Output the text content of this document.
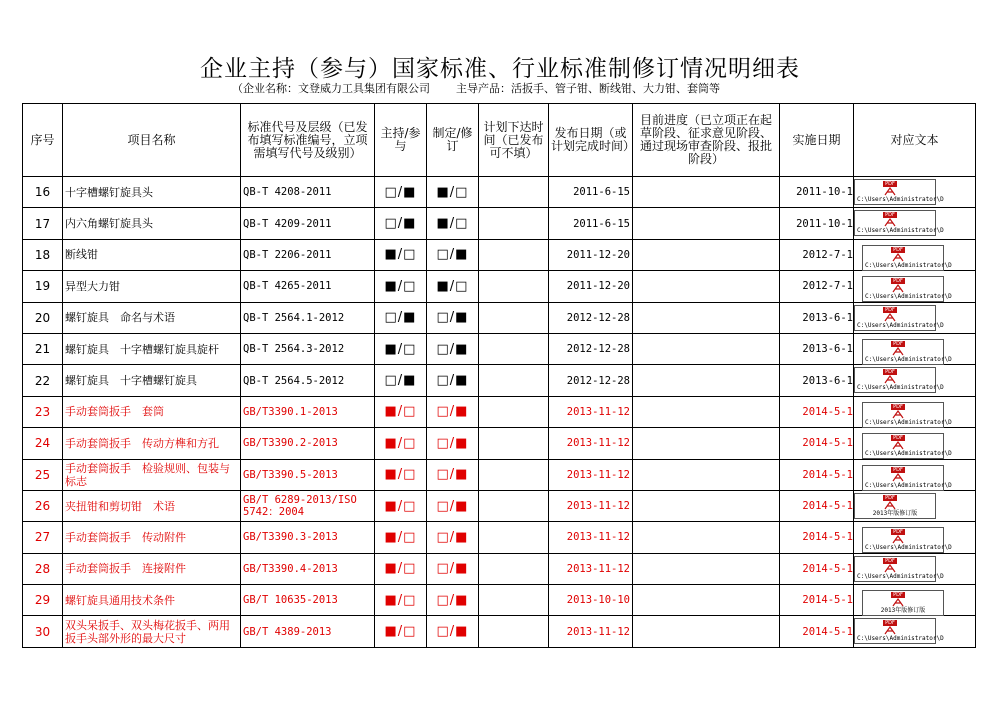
企业主持（参与）国家标准、行业标准制修订情况明细表
（企业名称：文登威力工具集团有限公司 主导产品：活扳手、管子钳、断线钳、大力钳、套筒等
序号	项目名称	标准代号及层级（已发布填写标准编号，立项需填写代号及级别）	主持/参与	制定/修订	计划下达时间（已发布可不填）	发布日期（或计划完成时间）	目前进度（已立项正在起草阶段、征求意见阶段、通过现场审查阶段、报批阶段）	实施日期	对应文本
16	十字槽螺钉旋具头	QB-T 4208-2011	□/■	■/□		2011-6-15		2011-10-1	PDF
C:\Users\Administrator\D

17	内六角螺钉旋具头	QB-T 4209-2011	□/■	■/□		2011-6-15		2011-10-1	PDF
C:\Users\Administrator\D

18	断线钳	QB-T 2206-2011	■/□	□/■		2011-12-20		2012-7-1	PDF
C:\Users\Administrator\D

19	异型大力钳	QB-T 4265-2011	■/□	■/□		2011-12-20		2012-7-1	PDF
C:\Users\Administrator\D

20	螺钉旋具　命名与术语	QB-T 2564.1-2012	□/■	□/■		2012-12-28		2013-6-1	PDF
C:\Users\Administrator\D

21	螺钉旋具　十字槽螺钉旋具旋杆	QB-T 2564.3-2012	■/□	□/■		2012-12-28		2013-6-1	PDF
C:\Users\Administrator\D

22	螺钉旋具　十字槽螺钉旋具	QB-T 2564.5-2012	□/■	□/■		2012-12-28		2013-6-1	PDF
C:\Users\Administrator\D

23	手动套筒扳手　套筒	GB/T3390.1-2013	■/□	□/■		2013-11-12		2014-5-1	PDF
C:\Users\Administrator\D

24	手动套筒扳手　传动方榫和方孔	GB/T3390.2-2013	■/□	□/■		2013-11-12		2014-5-1	PDF
C:\Users\Administrator\D

25	手动套筒扳手　检验规则、包装与标志	GB/T3390.5-2013	■/□	□/■		2013-11-12		2014-5-1	PDF
C:\Users\Administrator\D

26	夹扭钳和剪切钳　术语	GB/T 6289-2013/ISO 5742：2004	■/□	□/■		2013-11-12		2014-5-1	PDF
2013年版修订版

27	手动套筒扳手　传动附件	GB/T3390.3-2013	■/□	□/■		2013-11-12		2014-5-1	PDF
C:\Users\Administrator\D

28	手动套筒扳手　连接附件	GB/T3390.4-2013	■/□	□/■		2013-11-12		2014-5-1	PDF
C:\Users\Administrator\D

29	螺钉旋具通用技术条件	GB/T 10635-2013	■/□	□/■		2013-10-10		2014-5-1	PDF
2013年版修订版

30	双头呆扳手、双头梅花扳手、两用扳手头部外形的最大尺寸	GB/T 4389-2013	■/□	□/■		2013-11-12		2014-5-1	PDF
C:\Users\Administrator\D
